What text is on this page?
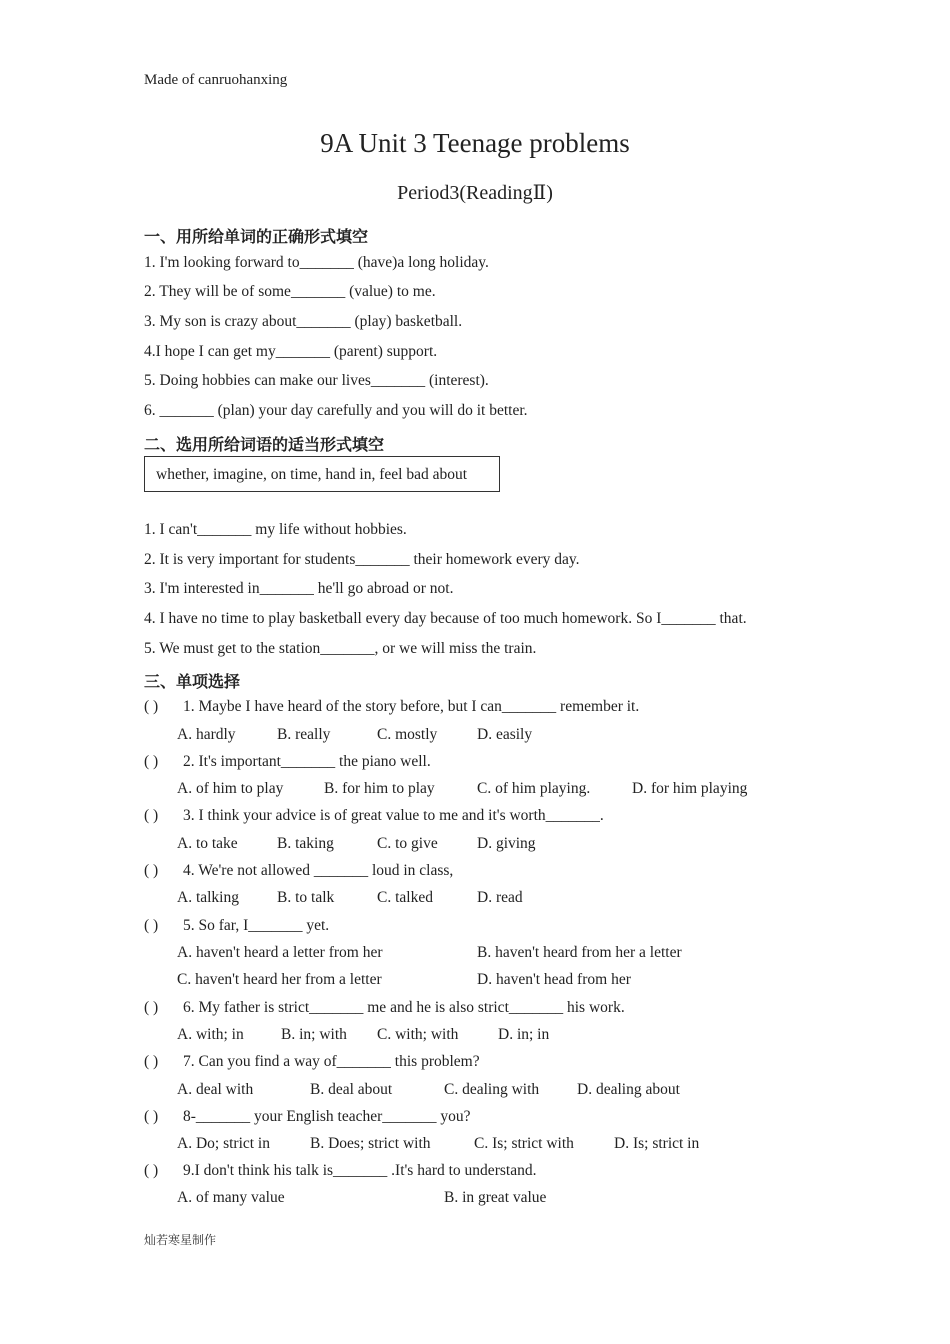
Made of canruohanxing
9A Unit 3 Teenage problems
Period3(ReadingⅡ)
一、用所给单词的正确形式填空
1. I'm looking forward to_______ (have)a long holiday.
2. They will be of some_______ (value) to me.
3. My son is crazy about_______ (play) basketball.
4.I hope I can get my_______ (parent) support.
5. Doing hobbies can make our lives_______ (interest).
6. _______ (plan) your day carefully and you will do it better.
二、选用所给词语的适当形式填空
whether, imagine, on time, hand in, feel bad about
1. I can't_______ my life without hobbies.
2. It is very important for students_______ their homework every day.
3. I'm interested in_______ he'll go abroad or not.
4. I have no time to play basketball every day because of too much homework. So I_______ that.
5. We must get to the station_______, or we will miss the train.
三、单项选择
( ) 1. Maybe I have heard of the story before, but I can_______ remember it.
A. hardly	B. really	C. mostly	D. easily
( ) 2. It's important_______ the piano well.
A. of him to play	B. for him to play	C. of him playing.	D. for him playing
( ) 3. I think your advice is of great value to me and it's worth_______.
A. to take	B. taking	C. to give	D. giving
( ) 4. We're not allowed _______ loud in class,
A. talking B. to talk	C. talked	D. read
( ) 5. So far, I_______ yet.
A. haven't heard a letter from her	B. haven't heard from her a letter
C. haven't heard her from a letter	D. haven't head from her
( ) 6. My father is strict_______ me and he is also strict_______ his work.
A. with; in B. in; with C. with; with	D. in; in
( ) 7. Can you find a way of_______ this problem?
A. deal with	B. deal about	C. dealing with D. dealing about
( ) 8-_______ your English teacher_______ you?
A. Do; strict in	B. Does; strict with	C. Is; strict with	D. Is; strict in
( ) 9.I don't think his talk is_______ .It's hard to understand.
A. of many value	B. in great value
灿若寒星制作
